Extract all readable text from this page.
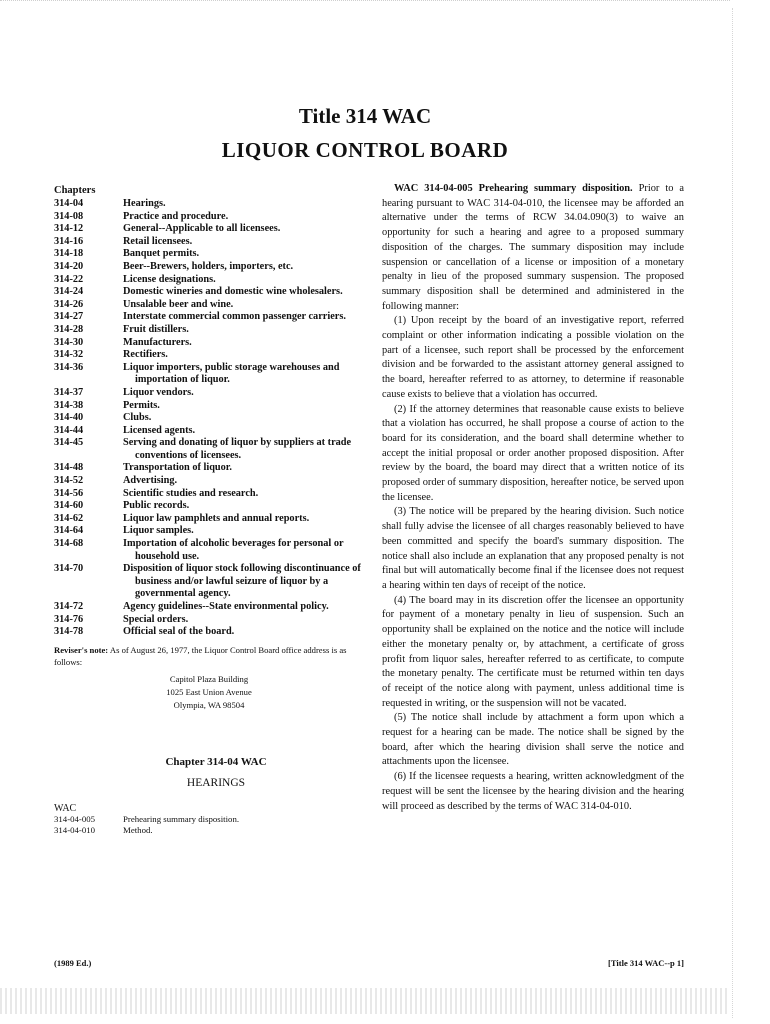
Title 314 WAC
LIQUOR CONTROL BOARD
Chapters
314-04	Hearings.
314-08	Practice and procedure.
314-12	General--Applicable to all licensees.
314-16	Retail licensees.
314-18	Banquet permits.
314-20	Beer--Brewers, holders, importers, etc.
314-22	License designations.
314-24	Domestic wineries and domestic wine wholesalers.
314-26	Unsalable beer and wine.
314-27	Interstate commercial common passenger carriers.
314-28	Fruit distillers.
314-30	Manufacturers.
314-32	Rectifiers.
314-36	Liquor importers, public storage warehouses and importation of liquor.
314-37	Liquor vendors.
314-38	Permits.
314-40	Clubs.
314-44	Licensed agents.
314-45	Serving and donating of liquor by suppliers at trade conventions of licensees.
314-48	Transportation of liquor.
314-52	Advertising.
314-56	Scientific studies and research.
314-60	Public records.
314-62	Liquor law pamphlets and annual reports.
314-64	Liquor samples.
314-68	Importation of alcoholic beverages for personal or household use.
314-70	Disposition of liquor stock following discontinuance of business and/or lawful seizure of liquor by a governmental agency.
314-72	Agency guidelines--State environmental policy.
314-76	Special orders.
314-78	Official seal of the board.
Reviser's note: As of August 26, 1977, the Liquor Control Board office address is as follows:
Capitol Plaza Building
1025 East Union Avenue
Olympia, WA 98504
Chapter 314-04 WAC
HEARINGS
WAC
314-04-005	Prehearing summary disposition.
314-04-010	Method.

WAC 314-04-005 Prehearing summary disposition. Prior to a hearing pursuant to WAC 314-04-010, the licensee may be afforded an alternative under the terms of RCW 34.04.090(3) to waive an opportunity for such a hearing and agree to a proposed summary disposition of the charges. The summary disposition may include suspension or cancellation of a license or imposition of a monetary penalty in lieu of the proposed summary suspension. The proposed summary disposition shall be determined and administered in the following manner:

(1) Upon receipt by the board of an investigative report, referred complaint or other information indicating a possible violation on the part of a licensee, such report shall be processed by the enforcement division and be forwarded to the assistant attorney general assigned to the board, hereafter referred to as attorney, to determine if reasonable cause exists to believe that a violation has occurred.

(2) If the attorney determines that reasonable cause exists to believe that a violation has occurred, he shall propose a course of action to the board for its consideration, and the board shall determine whether to accept the initial proposal or order another proposed disposition. After review by the board, the board may direct that a written notice of its proposed order of summary disposition, hereafter notice, be served upon the licensee.

(3) The notice will be prepared by the hearing division. Such notice shall fully advise the licensee of all charges reasonably believed to have been committed and specify the board's summary disposition. The notice shall also include an explanation that any proposed penalty is not final but will automatically become final if the licensee does not request a hearing within ten days of receipt of the notice.

(4) The board may in its discretion offer the licensee an opportunity for payment of a monetary penalty in lieu of suspension. Such an opportunity shall be explained on the notice and the notice will include either the monetary penalty or, by attachment, a certificate of gross profit from liquor sales, hereafter referred to as certificate, to compute the monetary penalty. The certificate must be returned within ten days of receipt of the notice along with payment, unless additional time is requested in writing, or the suspension will not be vacated.

(5) The notice shall include by attachment a form upon which a request for a hearing can be made. The notice shall be signed by the board, after which the hearing division shall serve the notice and attachments upon the licensee.

(6) If the licensee requests a hearing, written acknowledgment of the request will be sent the licensee by the hearing division and the hearing will proceed as described by the terms of WAC 314-04-010.

(1989 Ed.)	[Title 314 WAC--p 1]
